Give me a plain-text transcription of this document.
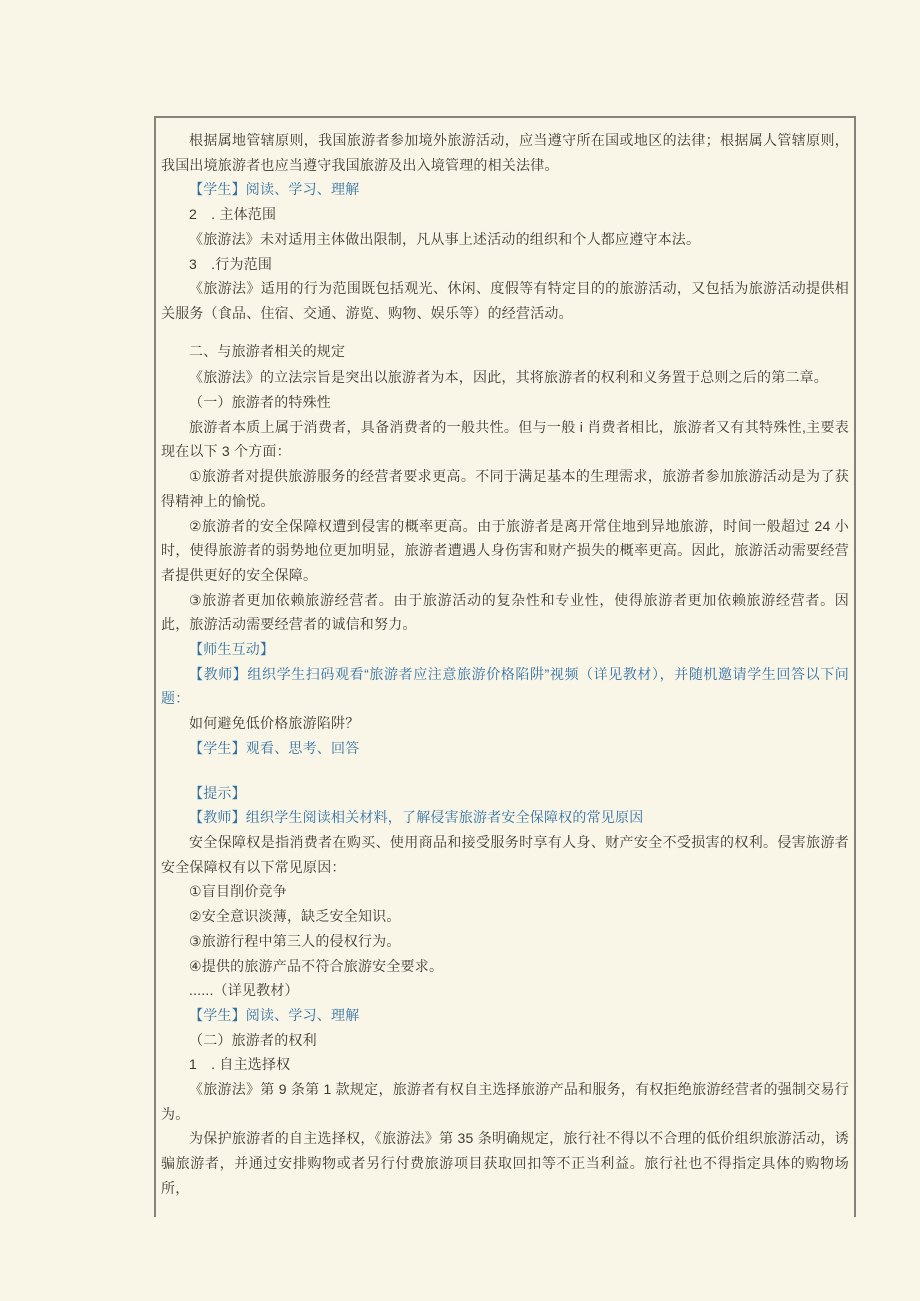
根据属地管辖原则，我国旅游者参加境外旅游活动，应当遵守所在国或地区的法律；根据属人管辖原则，我国出境旅游者也应当遵守我国旅游及出入境管理的相关法律。

【学生】阅读、学习、理解

2　. 主体范围

《旅游法》未对适用主体做出限制，凡从事上述活动的组织和个人都应遵守本法。

3　.行为范围

《旅游法》适用的行为范围既包括观光、休闲、度假等有特定目的的旅游活动，又包括为旅游活动提供相关服务（食品、住宿、交通、游览、购物、娱乐等）的经营活动。

二、与旅游者相关的规定

《旅游法》的立法宗旨是突出以旅游者为本，因此，其将旅游者的权利和义务置于总则之后的第二章。

（一）旅游者的特殊性

旅游者本质上属于消费者，具备消费者的一般共性。但与一般 i 肖费者相比，旅游者又有其特殊性,主要表现在以下 3 个方面：

①旅游者对提供旅游服务的经营者要求更高。不同于满足基本的生理需求，旅游者参加旅游活动是为了获得精神上的愉悦。

②旅游者的安全保障权遭到侵害的概率更高。由于旅游者是离开常住地到异地旅游，时间一般超过 24 小时，使得旅游者的弱势地位更加明显，旅游者遭遇人身伤害和财产损失的概率更高。因此，旅游活动需要经营者提供更好的安全保障。

③旅游者更加依赖旅游经营者。由于旅游活动的复杂性和专业性，使得旅游者更加依赖旅游经营者。因此，旅游活动需要经营者的诚信和努力。

【师生互动】

【教师】组织学生扫码观看“旅游者应注意旅游价格陷阱”视频（详见教材），并随机邀请学生回答以下问题：

如何避免低价格旅游陷阱？

【学生】观看、思考、回答

【提示】

【教师】组织学生阅读相关材料，了解侵害旅游者安全保障权的常见原因

安全保障权是指消费者在购买、使用商品和接受服务时享有人身、财产安全不受损害的权利。侵害旅游者安全保障权有以下常见原因：

①盲目削价竞争

②安全意识淡薄，缺乏安全知识。

③旅游行程中第三人的侵权行为。

④提供的旅游产品不符合旅游安全要求。

......（详见教材）

【学生】阅读、学习、理解

（二）旅游者的权利

1　. 自主选择权

《旅游法》第 9 条第 1 款规定，旅游者有权自主选择旅游产品和服务，有权拒绝旅游经营者的强制交易行为。

为保护旅游者的自主选择权，《旅游法》第 35 条明确规定，旅行社不得以不合理的低价组织旅游活动，诱骗旅游者，并通过安排购物或者另行付费旅游项目获取回扣等不正当利益。旅行社也不得指定具体的购物场所，
